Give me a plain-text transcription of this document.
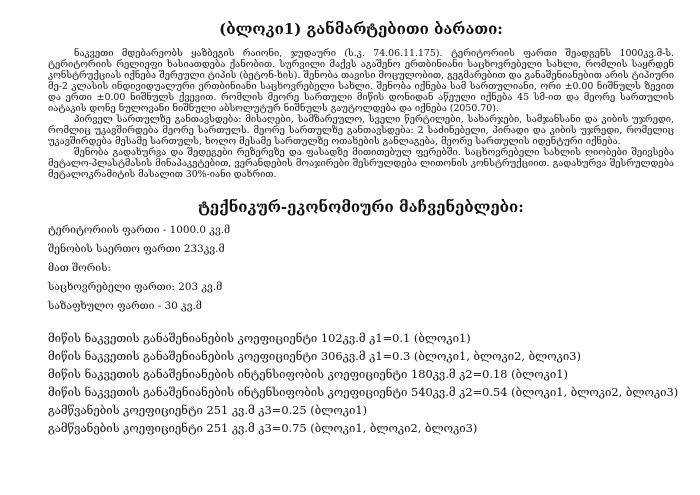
(ბლოკი1) განმარტებითი ბარათი:

ნაკვეთი მდებარეობს ყაზბეგის რაიონი, ჯუდაური (ს.კ. 74.06.11.175). ტერიტორიის ფართი შეადგენს 1000კვ.მ-ს. ტერიტორიის რელიეფი ხასიათდება ქანობით. სურვილი მაქვს აგაშენო ერთბინიანი საცხოვრებელი სახლი, რომლის საყრდენ კონსტრუქციას იქნება შერეული ტიპის (ბეტონ-ხის). შენობა თავისი მოცულობით, გეგმარებით და განაშენიანებით არის ტიპიური მე-2 კლასის ინდივიდუალური ერთბინიანი საცხოვრებელი სახლი. შენობა იქნება სამ სართულიანი, ორი ±0.00 ნიშნულს ზევით და ერთი ±0.00 ნიშნულს ქვევით. რომლის მეორე სართული მიწის დონიდან აწეული იქნება 45 სმ-ით და მეორე სართულის იატაკის დონე ნულოვანი ნიშნული აბსოლუტურ ნიშნულს გაუტოლდება და იქნება (2050.70).

პირველ სართულზე განთავსდება: მისაღები, სამზარეულო, სველი წერტილები, სახარჯები, სამჯანსანი და კიბის უჯრედი, რომლიც უკავშირდება მეორე სართულს. მეორე სართულზე განთავსდება: 2 საძინებელი, პირადი და კიბის უჯრედი, რომელიც უკავშირდება მესამე სართულს, ხოლო მესამე სართულზე ოთახების განლაგება, მეორე სართულის იდენტური იქნება.

შენობა გადახურვა და შედეგები რეზერვზე და ფასადზე მითითებულ ფერებში. საცხოვრებელი სახლის ღიობები შეივსება მეტალო-პლასტმასის მინაპაკეტებით, ვერანდების მოაჯირები შესრულდება ლითონის კონსტრუქციით. გადახურვა შესრულდება მეტალოკრამიტის მასალით 30%-იანი დახრით.

ტექნიკურ-ეკონომიური მაჩვენებლები:

ტერიტორიის ფართი - 1000.0 კვ.მ

შენობის საერთო ფართი 233კვ.მ

მათ შორის:

საცხოვრებელი ფართი: 203 კვ.მ

საზაფხულო ფართი - 30 კვ.მ

მიწის ნაკვეთის განაშენიანების კოეფიციენტი 102კვ.მ კ1=0.1 (ბლოკი1)

მიწის ნაკვეთის განაშენიანების კოეფიციენტი 306კვ.მ კ1=0.3 (ბლოკი1, ბლოკი2, ბლოკი3)

მიწის ნაკვეთის განაშენიანების ინტენსიფობის კოეფიციენტი 180კვ.მ კ2=0.18 (ბლოკი1)

მიწის ნაკვეთის განაშენიანების ინტენსიფობის კოეფიციენტი 540კვ.მ კ2=0.54 (ბლოკი1, ბლოკი2, ბლოკი3)

გამწვანების კოეფიციენტი 251 კვ.მ კ3=0.25 (ბლოკი1)

გამწვანების კოეფიციენტი 251 კვ.მ კ3=0.75 (ბლოკი1, ბლოკი2, ბლოკი3)
